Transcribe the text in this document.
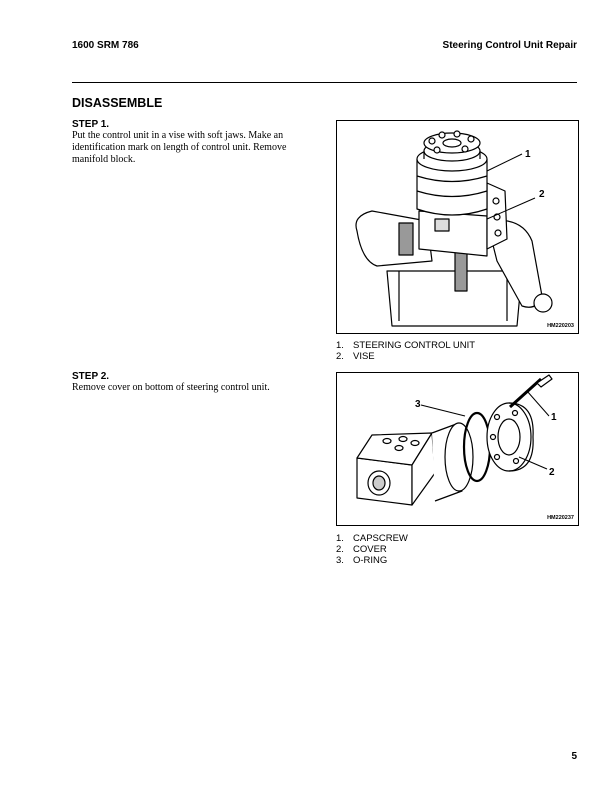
1600 SRM 786	Steering Control Unit Repair
DISASSEMBLE
STEP 1.
Put the control unit in a vise with soft jaws. Make an
identification mark on length of control unit. Remove
manifold block.	1
2
HM220203
1. STEERING CONTROL UNIT
2. VISE
STEP 2.
Remove cover on bottom of steering control unit.
3
1
2
HM220237
1. CAPSCREW
2. COVER
3. O-RING
5
